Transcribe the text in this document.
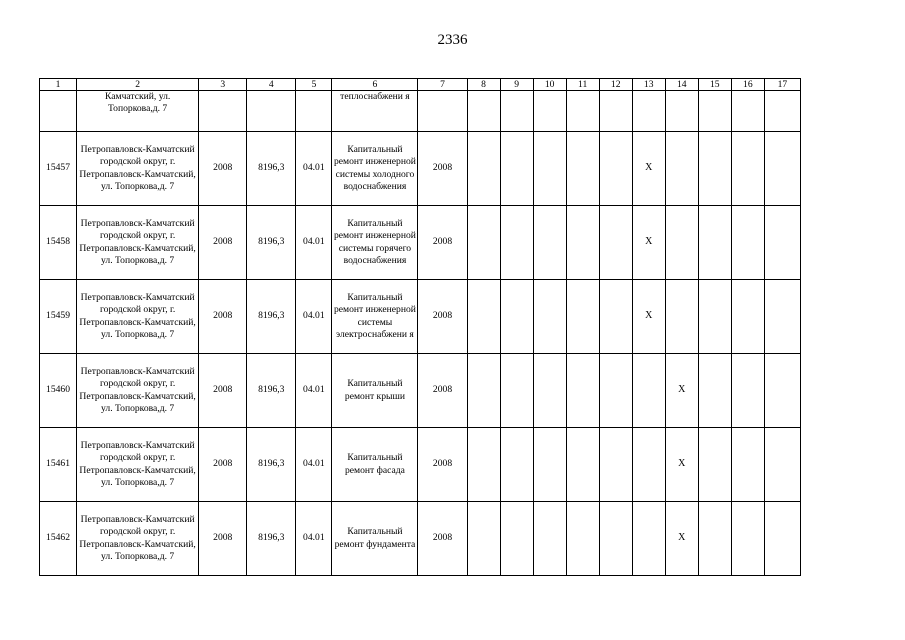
2336
1	2	3	4	5	6	7	8	9	10	11	12	13	14	15	16	17
	Камчатский, ул. Топоркова,д. 7				теплоснабжени я											
15457	Петропавловск-Камчатский городской округ, г. Петропавловск-Камчатский, ул. Топоркова,д. 7	2008	8196,3	04.01	Капитальный ремонт инженерной системы холодного водоснабжения	2008						X				
15458	Петропавловск-Камчатский городской округ, г. Петропавловск-Камчатский, ул. Топоркова,д. 7	2008	8196,3	04.01	Капитальный ремонт инженерной системы горячего водоснабжения	2008						X				
15459	Петропавловск-Камчатский городской округ, г. Петропавловск-Камчатский, ул. Топоркова,д. 7	2008	8196,3	04.01	Капитальный ремонт инженерной системы электроснабжени я	2008						X				
15460	Петропавловск-Камчатский городской округ, г. Петропавловск-Камчатский, ул. Топоркова,д. 7	2008	8196,3	04.01	Капитальный ремонт крыши	2008							X			
15461	Петропавловск-Камчатский городской округ, г. Петропавловск-Камчатский, ул. Топоркова,д. 7	2008	8196,3	04.01	Капитальный ремонт фасада	2008							X			
15462	Петропавловск-Камчатский городской округ, г. Петропавловск-Камчатский, ул. Топоркова,д. 7	2008	8196,3	04.01	Капитальный ремонт фундамента	2008							X			
